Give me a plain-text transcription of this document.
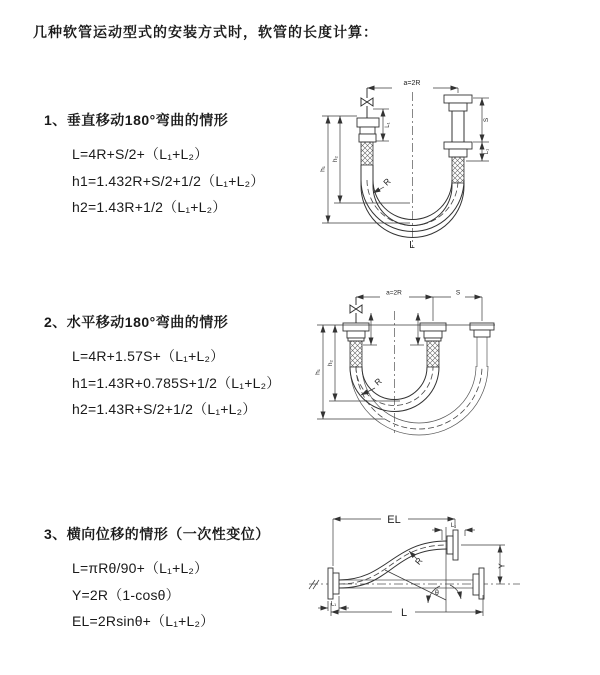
几种软管运动型式的安装方式时，软管的长度计算：
1、垂直移动180°弯曲的情形
L=4R+S/2+（L₁+L₂）
h1=1.432R+S/2+1/2（L₁+L₂）
h2=1.43R+1/2（L₁+L₂）
2、水平移动180°弯曲的情形
L=4R+1.57S+（L₁+L₂）
h1=1.43R+0.785S+1/2（L₁+L₂）
h2=1.43R+S/2+1/2（L₁+L₂）
3、横向位移的情形（一次性变位）
L=πRθ/90+（L₁+L₂）
Y=2R（1-cosθ）
EL=2Rsinθ+（L₁+L₂）
a=2R
S
L₁
L₁
h₂
h₁
R
L
a=2R	S
h₂
h₁
R
EL	L₁
Y
θ
R
L
L₁
